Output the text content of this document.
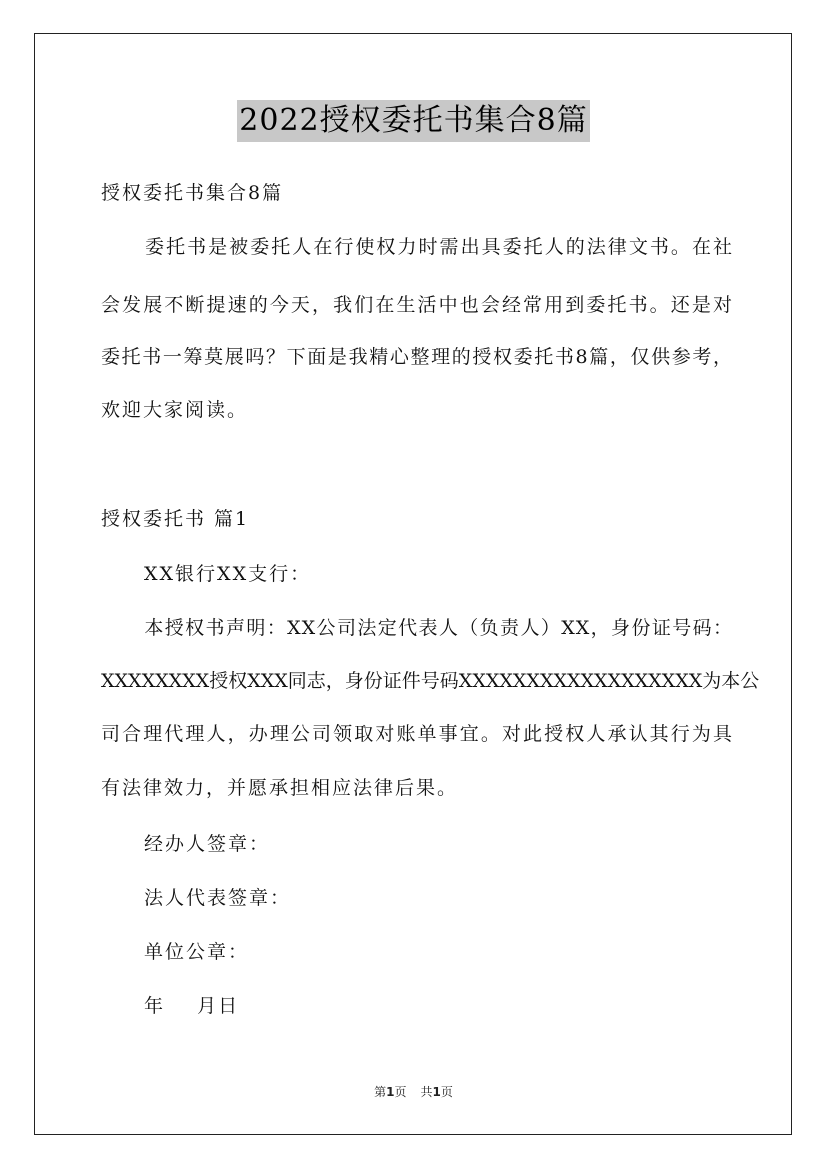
2022授权委托书集合8篇
授权委托书集合8篇
委托书是被委托人在行使权力时需出具委托人的法律文书。在社
会发展不断提速的今天，我们在生活中也会经常用到委托书。还是对
委托书一筹莫展吗？下面是我精心整理的授权委托书8篇，仅供参考，
欢迎大家阅读。
授权委托书 篇1
XX银行XX支行：
本授权书声明：XX公司法定代表人（负责人）XX，身份证号码：
XXXXXXXX授权XXX同志，身份证件号码XXXXXXXXXXXXXXXXXX为本公
司合理代理人，办理公司领取对账单事宜。对此授权人承认其行为具
有法律效力，并愿承担相应法律后果。
经办人签章：
法人代表签章：
单位公章：
年    月日
第1页 共1页
